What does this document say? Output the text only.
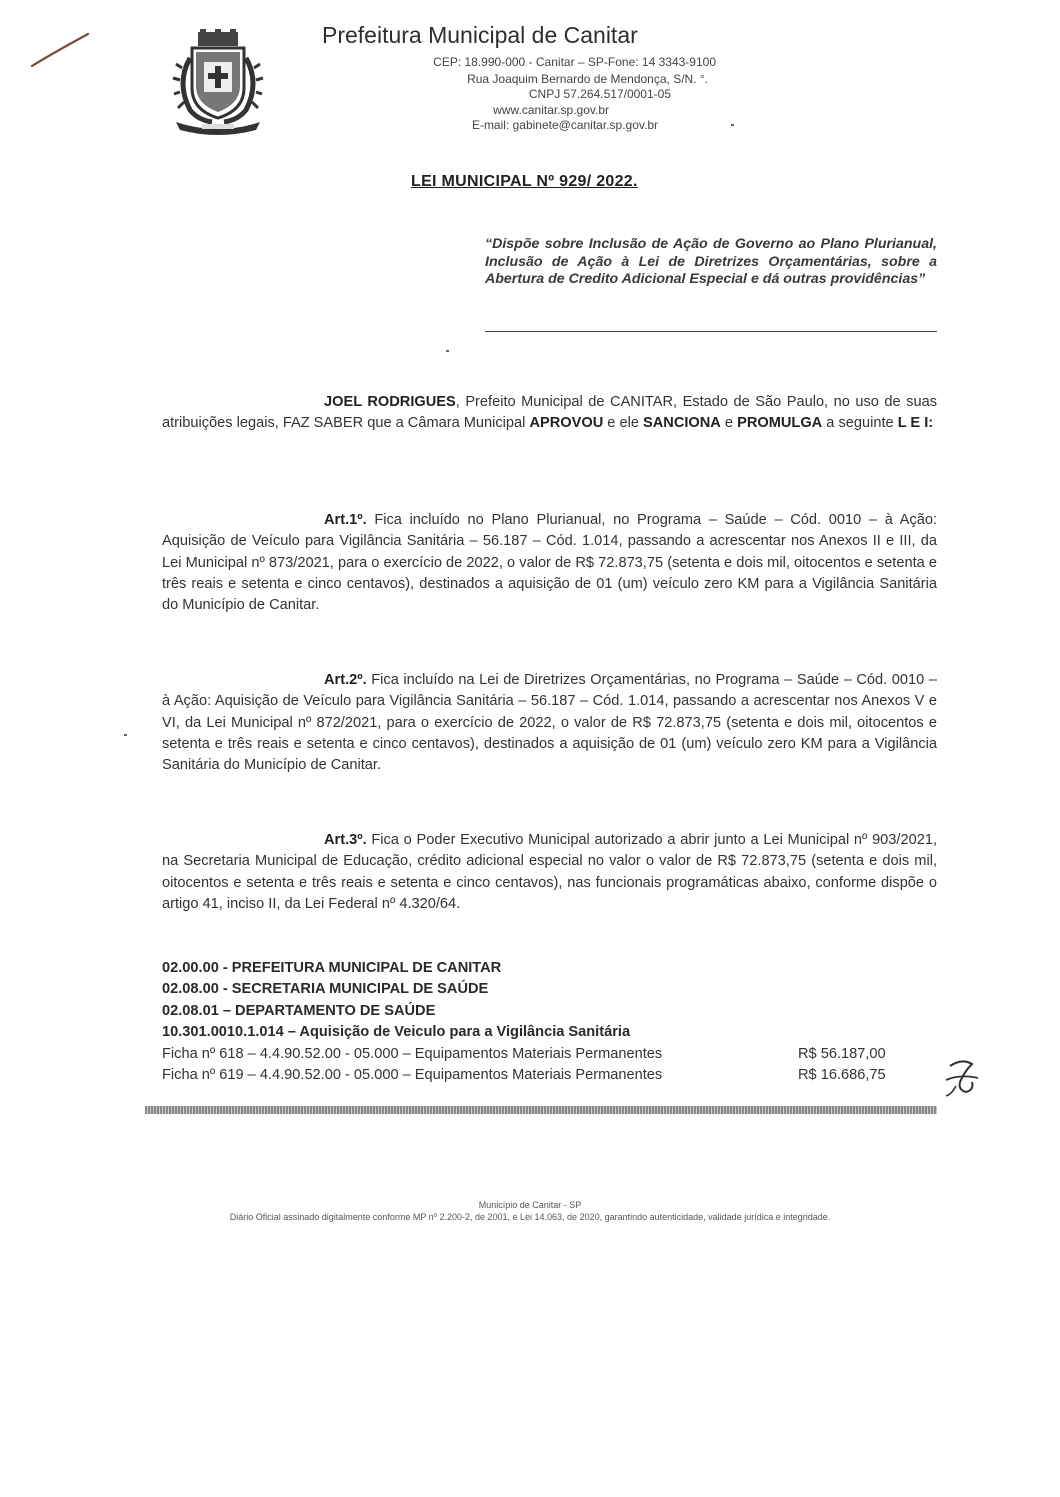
Prefeitura Municipal de Canitar
CEP: 18.990-000 - Canitar – SP-Fone: 14 3343-9100
Rua Joaquim Bernardo de Mendonça, S/N. °.
CNPJ 57.264.517/0001-05
www.canitar.sp.gov.br
E-mail: gabinete@canitar.sp.gov.br
LEI MUNICIPAL Nº 929/ 2022.
“Dispõe sobre Inclusão de Ação de Governo ao Plano Plurianual, Inclusão de Ação à Lei de Diretrizes Orçamentárias, sobre a Abertura de Credito Adicional Especial e dá outras providências”
JOEL RODRIGUES, Prefeito Municipal de CANITAR, Estado de São Paulo, no uso de suas atribuições legais, FAZ SABER que a Câmara Municipal APROVOU e ele SANCIONA e PROMULGA a seguinte L E I:
Art.1º. Fica incluído no Plano Plurianual, no Programa – Saúde – Cód. 0010 – à Ação: Aquisição de Veículo para Vigilância Sanitária – 56.187 – Cód. 1.014, passando a acrescentar nos Anexos II e III, da Lei Municipal nº 873/2021, para o exercício de 2022, o valor de R$ 72.873,75 (setenta e dois mil, oitocentos e setenta e três reais e setenta e cinco centavos), destinados a aquisição de 01 (um) veículo zero KM para a Vigilância Sanitária do Município de Canitar.
Art.2º. Fica incluído na Lei de Diretrizes Orçamentárias, no Programa – Saúde – Cód. 0010 – à Ação: Aquisição de Veículo para Vigilância Sanitária – 56.187 – Cód. 1.014, passando a acrescentar nos Anexos V e VI, da Lei Municipal nº 872/2021, para o exercício de 2022, o valor de R$ 72.873,75 (setenta e dois mil, oitocentos e setenta e três reais e setenta e cinco centavos), destinados a aquisição de 01 (um) veículo zero KM para a Vigilância Sanitária do Município de Canitar.
Art.3º. Fica o Poder Executivo Municipal autorizado a abrir junto a Lei Municipal nº 903/2021, na Secretaria Municipal de Educação, crédito adicional especial no valor o valor de R$ 72.873,75 (setenta e dois mil, oitocentos e setenta e três reais e setenta e cinco centavos), nas funcionais programáticas abaixo, conforme dispõe o artigo 41, inciso II, da Lei Federal nº 4.320/64.
02.00.00 - PREFEITURA MUNICIPAL DE CANITAR
02.08.00 - SECRETARIA MUNICIPAL DE SAÚDE
02.08.01 – DEPARTAMENTO DE SAÚDE
10.301.0010.1.014 – Aquisição de Veiculo para a Vigilância Sanitária
Ficha nº 618 – 4.4.90.52.00 - 05.000 – Equipamentos Materiais Permanentes	R$ 56.187,00
Ficha nº 619 – 4.4.90.52.00 - 05.000 – Equipamentos Materiais Permanentes	R$ 16.686,75
Município de Canitar - SP
Diário Oficial assinado digitalmente conforme MP nº 2.200-2, de 2001, e Lei 14.063, de 2020, garantindo autenticidade, validade jurídica e integridade.
